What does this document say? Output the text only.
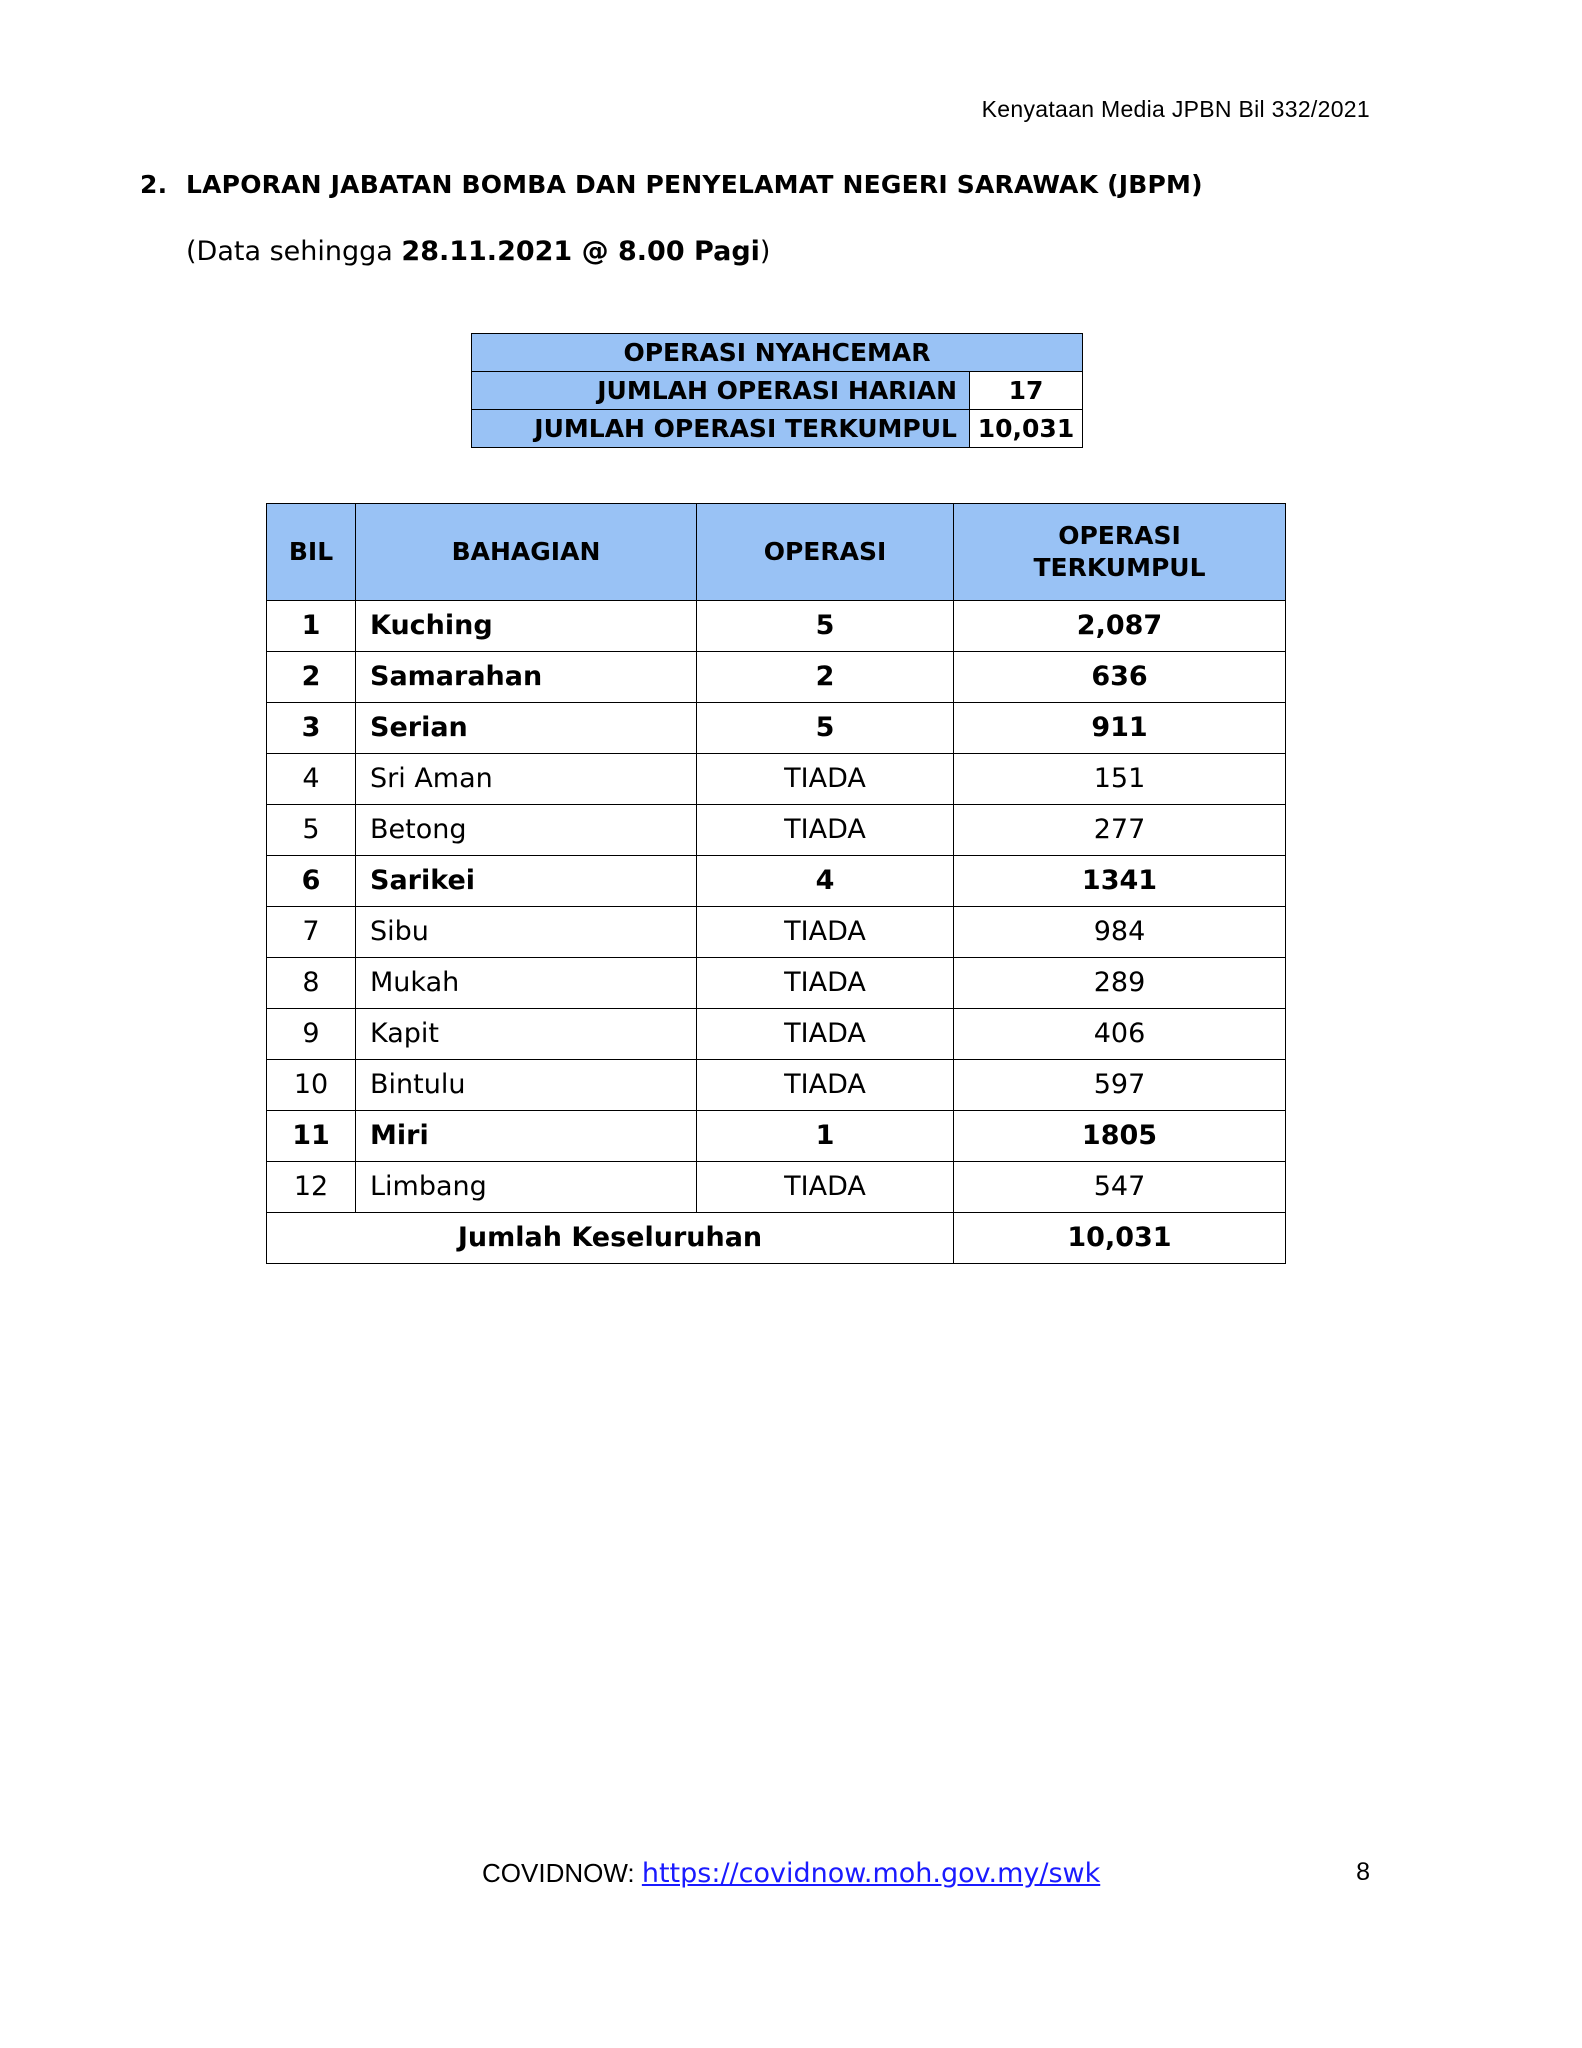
Kenyataan Media JPBN Bil 332/2021
2. LAPORAN JABATAN BOMBA DAN PENYELAMAT NEGERI SARAWAK (JBPM)
(Data sehingga 28.11.2021 @ 8.00 Pagi)
OPERASI NYAHCEMAR	
JUMLAH OPERASI HARIAN	17
JUMLAH OPERASI TERKUMPUL	10,031
BIL	BAHAGIAN	OPERASI	OPERASI TERKUMPUL
1	Kuching	5	2,087
2	Samarahan	2	636
3	Serian	5	911
4	Sri Aman	TIADA	151
5	Betong	TIADA	277
6	Sarikei	4	1341
7	Sibu	TIADA	984
8	Mukah	TIADA	289
9	Kapit	TIADA	406
10	Bintulu	TIADA	597
11	Miri	1	1805
12	Limbang	TIADA	547
Jumlah Keseluruhan			10,031
COVIDNOW: https://covidnow.moh.gov.my/swk	8
